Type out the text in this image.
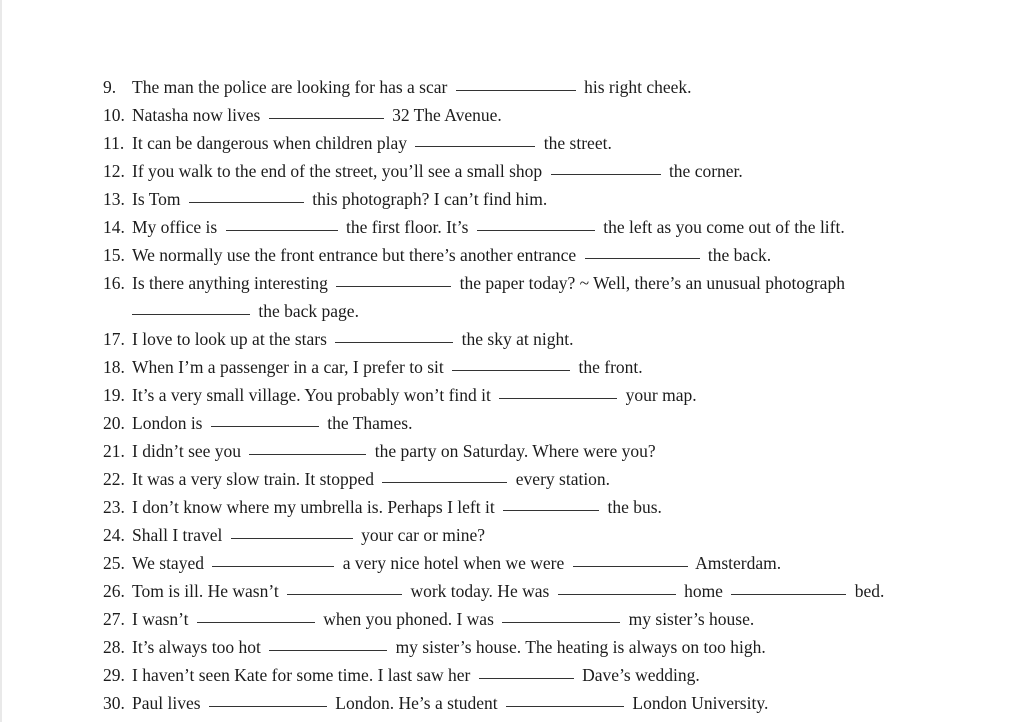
9. The man the police are looking for has a scar	his right cheek.
10. Natasha now lives	32 The Avenue.
11. It can be dangerous when children play	the street.
12. If you walk to the end of the street, you’ll see a small shop	the corner.
13. Is Tom	this photograph? I can’t find him.
14. My office is	the first floor. It’s	the left as you come out of the lift.
15. We normally use the front entrance but there’s another entrance	the back.
16. Is there anything interesting	the paper today? ~ Well, there’s an unusual photograph
the back page.
17. I love to look up at the stars	the sky at night.
18. When I’m a passenger in a car, I prefer to sit	the front.
19. It’s a very small village. You probably won’t find it	your map.
20. London is	the Thames.
21. I didn’t see you	the party on Saturday. Where were you?
22. It was a very slow train. It stopped	every station.
23. I don’t know where my umbrella is. Perhaps I left it	the bus.
24. Shall I travel	your car or mine?
25. We stayed	a very nice hotel when we were	Amsterdam.
26. Tom is ill. He wasn’t	work today. He was	home	bed.
27. I wasn’t	when you phoned. I was	my sister’s house.
28. It’s always too hot	my sister’s house. The heating is always on too high.
29. I haven’t seen Kate for some time. I last saw her	Dave’s wedding.
30. Paul lives	London. He’s a student	London University.
